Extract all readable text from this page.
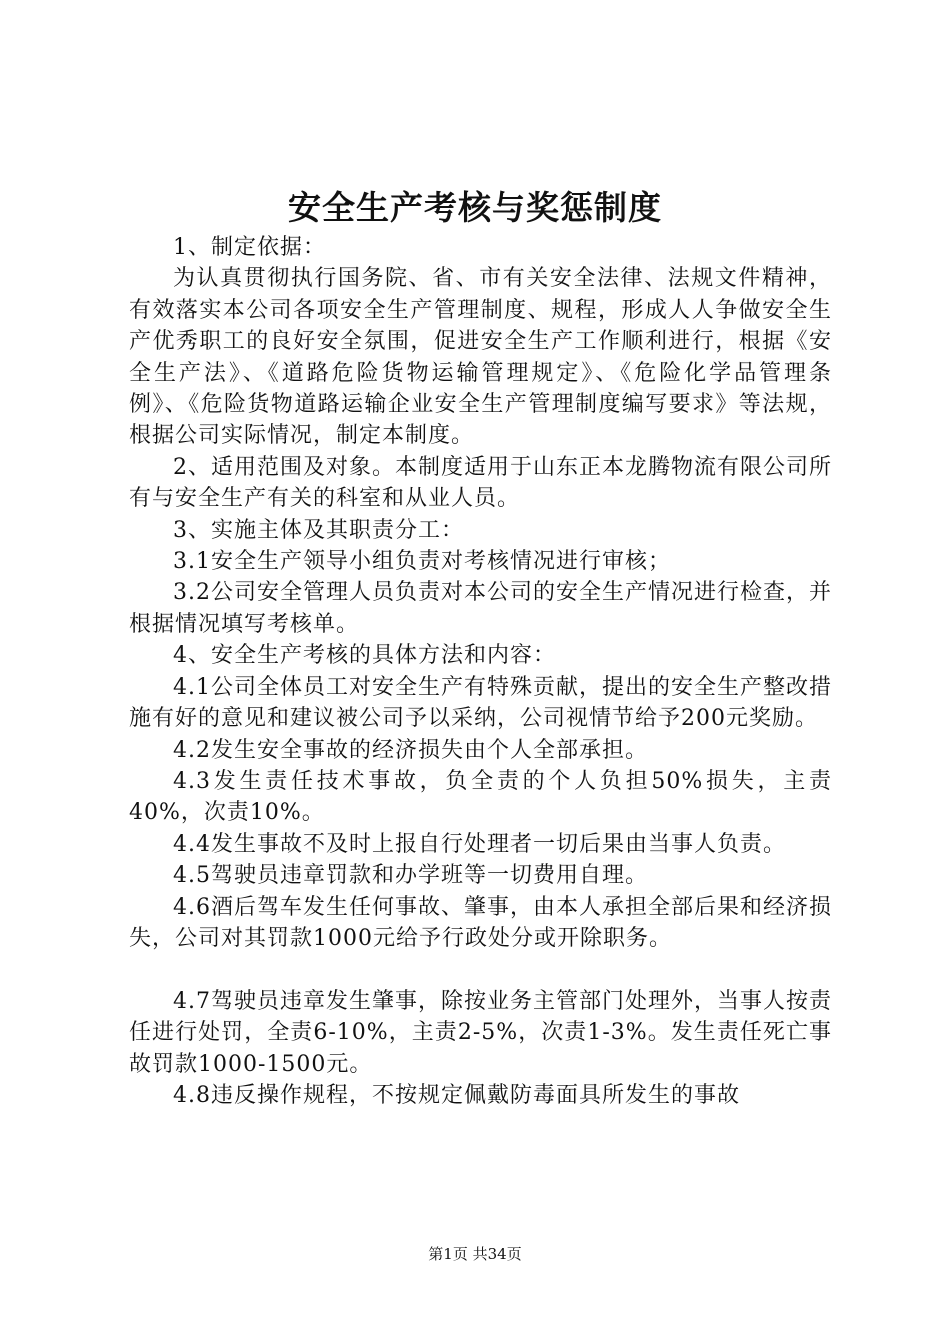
安全生产考核与奖惩制度

1、制定依据：

为认真贯彻执行国务院、省、市有关安全法律、法规文件精神，有效落实本公司各项安全生产管理制度、规程，形成人人争做安全生产优秀职工的良好安全氛围，促进安全生产工作顺利进行，根据《安全生产法》、《道路危险货物运输管理规定》、《危险化学品管理条例》、《危险货物道路运输企业安全生产管理制度编写要求》等法规，根据公司实际情况，制定本制度。

2、适用范围及对象。本制度适用于山东正本龙腾物流有限公司所有与安全生产有关的科室和从业人员。

3、实施主体及其职责分工：

3.1安全生产领导小组负责对考核情况进行审核；

3.2公司安全管理人员负责对本公司的安全生产情况进行检查，并根据情况填写考核单。

4、安全生产考核的具体方法和内容：

4.1公司全体员工对安全生产有特殊贡献，提出的安全生产整改措施有好的意见和建议被公司予以采纳，公司视情节给予200元奖励。

4.2发生安全事故的经济损失由个人全部承担。

4.3发生责任技术事故，负全责的个人负担50%损失，主责40%，次责10%。

4.4发生事故不及时上报自行处理者一切后果由当事人负责。

4.5驾驶员违章罚款和办学班等一切费用自理。

4.6酒后驾车发生任何事故、肇事，由本人承担全部后果和经济损失，公司对其罚款1000元给予行政处分或开除职务。

4.7驾驶员违章发生肇事，除按业务主管部门处理外，当事人按责任进行处罚，全责6-10%，主责2-5%，次责1-3%。发生责任死亡事故罚款1000-1500元。

4.8违反操作规程，不按规定佩戴防毒面具所发生的事故

第1页 共34页
